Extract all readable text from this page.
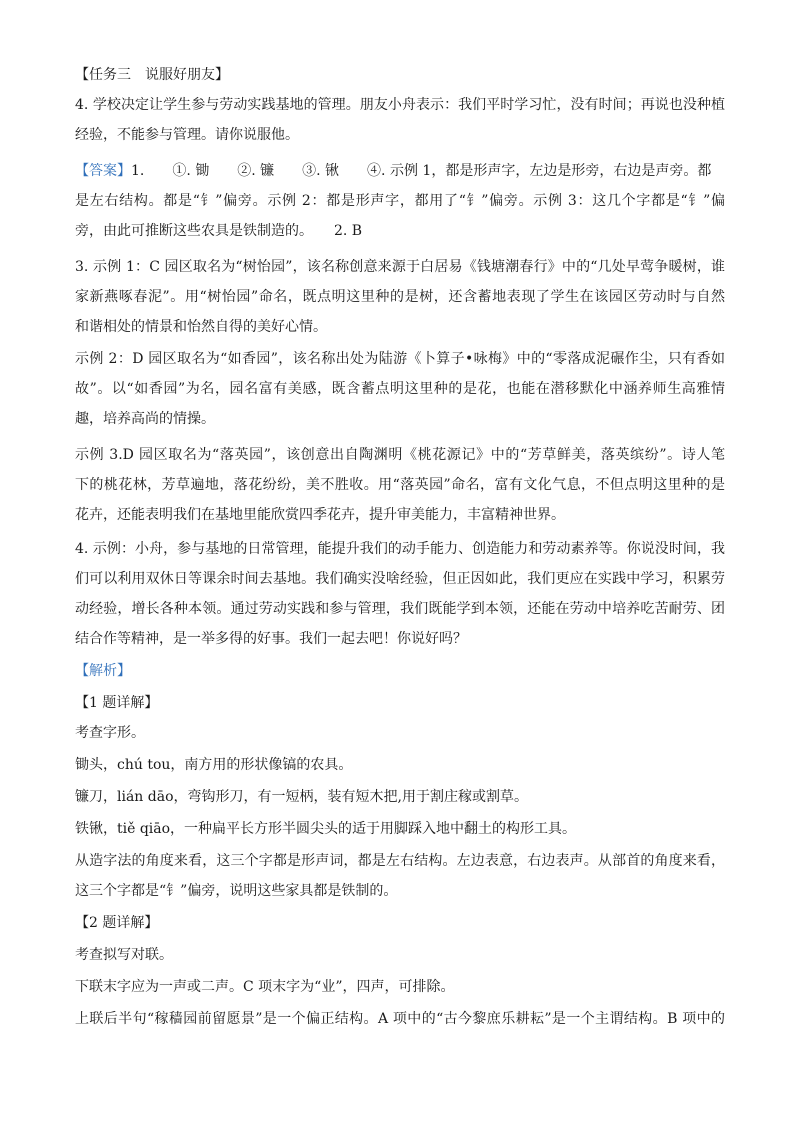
【任务三　说服好朋友】
4. 学校决定让学生参与劳动实践基地的管理。朋友小舟表示：我们平时学习忙，没有时间；再说也没种植
经验，不能参与管理。请你说服他。
【答案】1.　　①. 锄　　②. 镰　　③. 锹　　④. 示例 1，都是形声字，左边是形旁，右边是声旁。都
是左右结构。都是“钅”偏旁。示例 2：都是形声字，都用了“钅”偏旁。示例 3：这几个字都是“钅”偏
旁，由此可推断这些农具是铁制造的。　　2. B
3. 示例 1：C 园区取名为“树怡园”，该名称创意来源于白居易《钱塘潮春行》中的“几处早莺争暖树，谁
家新燕啄春泥”。用“树怡园”命名，既点明这里种的是树，还含蓄地表现了学生在该园区劳动时与自然
和谐相处的情景和怡然自得的美好心情。
示例 2：D 园区取名为“如香园”，该名称出处为陆游《卜算子•咏梅》中的“零落成泥碾作尘，只有香如
故”。以“如香园”为名，园名富有美感，既含蓄点明这里种的是花，也能在潜移默化中涵养师生高雅情
趣，培养高尚的情操。
示例 3.D 园区取名为“落英园”，该创意出自陶渊明《桃花源记》中的“芳草鲜美，落英缤纷”。诗人笔
下的桃花林，芳草遍地，落花纷纷，美不胜收。用“落英园”命名，富有文化气息，不但点明这里种的是
花卉，还能表明我们在基地里能欣赏四季花卉，提升审美能力，丰富精神世界。
4. 示例：小舟，参与基地的日常管理，能提升我们的动手能力、创造能力和劳动素养等。你说没时间，我
们可以利用双休日等课余时间去基地。我们确实没啥经验，但正因如此，我们更应在实践中学习，积累劳
动经验，增长各种本领。通过劳动实践和参与管理，我们既能学到本领，还能在劳动中培养吃苦耐劳、团
结合作等精神，是一举多得的好事。我们一起去吧！你说好吗？
【解析】
【1 题详解】
考查字形。
锄头，chú tou，南方用的形状像镐的农具。
镰刀，lián dāo，弯钩形刀，有一短柄，装有短木把,用于割庄稼或割草。
铁锹，tiě qiāo，一种扁平长方形半圆尖头的适于用脚踩入地中翻土的构形工具。
从造字法的角度来看，这三个字都是形声词，都是左右结构。左边表意，右边表声。从部首的角度来看，
这三个字都是“钅”偏旁，说明这些家具都是铁制的。
【2 题详解】
考查拟写对联。
下联末字应为一声或二声。C 项末字为“业”，四声，可排除。
上联后半句“稼穑园前留愿景”是一个偏正结构。A 项中的“古今黎庶乐耕耘”是一个主谓结构。B 项中的
